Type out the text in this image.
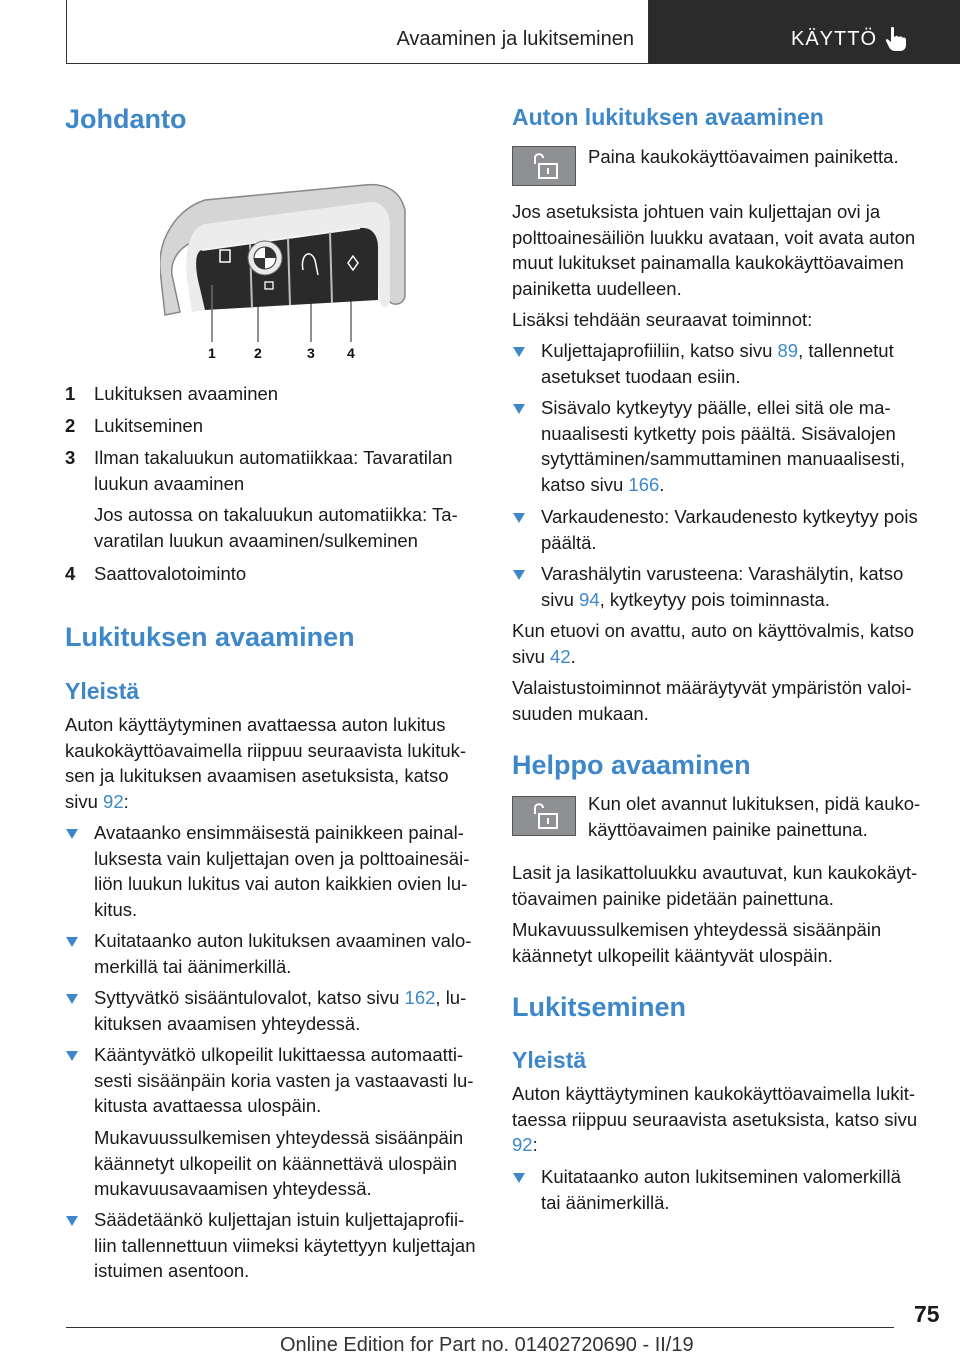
Avaaminen ja lukitseminen	KÄYTTÖ
Johdanto
1	2	3 4
1 Lukituksen avaaminen

2 Lukitseminen

3 Ilman takaluukun automatiikkaa: Tavaratilan luukun avaaminen

Jos autossa on takaluukun automatiikka: Tavaratilan luukun avaaminen/sulkeminen

4 Saattovalotoiminto

Lukituksen avaaminen
Yleistä

Auton käyttäytyminen avattaessa auton lukitus kaukokäyttöavaimella riippuu seuraavista lukituksen ja lukituksen avaamisen asetuksista, katso sivu 92:

Avataanko ensimmäisestä painikkeen painalluksesta vain kuljettajan oven ja polttoainesäiliön luukun lukitus vai auton kaikkien ovien lukitus.

Kuitataanko auton lukituksen avaaminen valomerkillä tai äänimerkillä.

Syttyvätkö sisääntulovalot, katso sivu 162, lukituksen avaamisen yhteydessä.

Kääntyvätkö ulkopeilit lukittaessa automaattisesti sisäänpäin koria vasten ja vastaavasti lukitusta avattaessa ulospäin.

Mukavuussulkemisen yhteydessä sisäänpäin käännetyt ulkopeilit on käännettävä ulospäin mukavuusavaamisen yhteydessä.

Säädetäänkö kuljettajan istuin kuljettajaprofiiliin tallennettuun viimeksi käytettyyn kuljettajan istuimen asentoon.

Auton lukituksen avaaminen

Paina kaukokäyttöavaimen painiketta.

Jos asetuksista johtuen vain kuljettajan ovi ja polttoainesäiliön luukku avataan, voit avata auton muut lukitukset painamalla kaukokäyttöavaimen painiketta uudelleen.

Lisäksi tehdään seuraavat toiminnot:

Kuljettajaprofiiliin, katso sivu 89, tallennetut asetukset tuodaan esiin.

Sisävalo kytkeytyy päälle, ellei sitä ole manuaalisesti kytketty pois päältä. Sisävalojen sytyttäminen/sammuttaminen manuaalisesti, katso sivu 166.

Varkaudenesto: Varkaudenesto kytkeytyy pois päältä.

Varashälytin varusteena: Varashälytin, katso sivu 94, kytkeytyy pois toiminnasta.

Kun etuovi on avattu, auto on käyttövalmis, katso sivu 42.

Valaistustoiminnot määräytyvät ympäristön valoisuuden mukaan.

Helppo avaaminen

Kun olet avannut lukituksen, pidä kaukokäyttöavaimen painike painettuna.

Lasit ja lasikattoluukku avautuvat, kun kaukokäyttöavaimen painike pidetään painettuna.

Mukavuussulkemisen yhteydessä sisäänpäin käännetyt ulkopeilit kääntyvät ulospäin.

Lukitseminen
Yleistä

Auton käyttäytyminen kaukokäyttöavaimella lukittaessa riippuu seuraavista asetuksista, katso sivu 92:

Kuitataanko auton lukitseminen valomerkillä tai äänimerkillä.

75
Online Edition for Part no. 01402720690 - II/19
